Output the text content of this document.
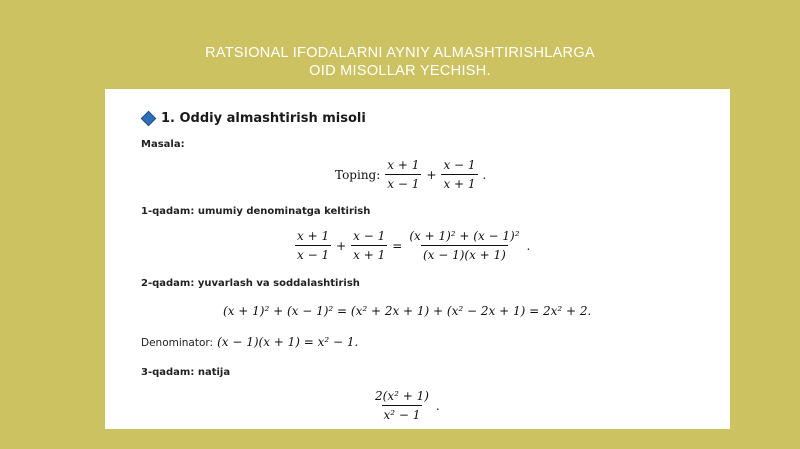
RATSIONAL IFODALARNI AYNIY ALMASHTIRISHLARGA
OID MISOLLAR YECHISH.
1. Oddiy almashtirish misoli
Masala:
Toping: $\frac{x + 1}{x - 1} + \frac{x - 1}{x + 1}$ .
1-qadam: umumiy denominatga keltirish
$\frac{x + 1}{x - 1} + \frac{x - 1}{x + 1} = \frac{\text{(x + 1)² + (x − 1)²}}{(x - 1)(x + 1)}$ .
2-qadam: yuvarlash va soddalashtirish
(x + 1)² + (x − 1)² = (x² + 2x + 1) + (x² − 2x + 1) = 2x² + 2.
Denominator: (x − 1)(x + 1) = x² − 1.
3-qadam: natija
$\frac{\text{2(x² + 1)}}{\text{x² − 1}}$ .
